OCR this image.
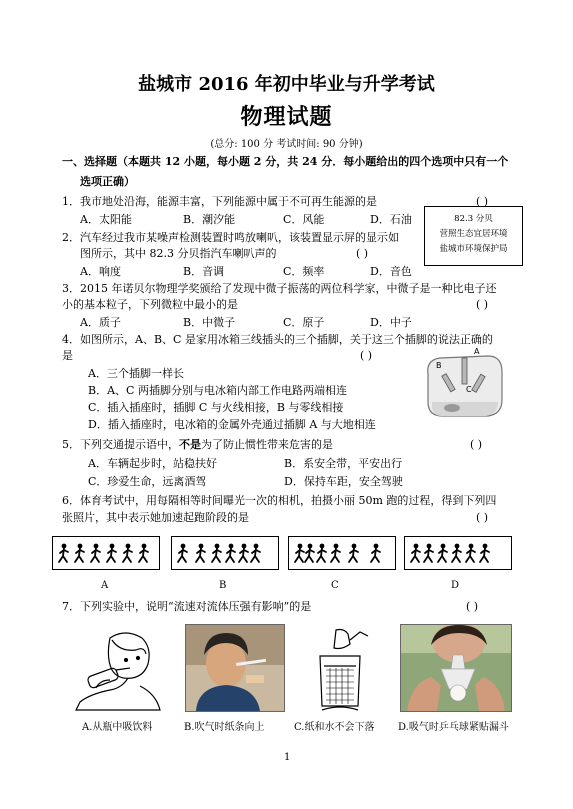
盐城市 2016 年初中毕业与升学考试
物理试题
(总分: 100 分 考试时间: 90 分钟)
一、选择题（本题共 12 小题，每小题 2 分，共 24 分．每小题给出的四个选项中只有一个
选项正确）
1．我市地处沿海，能源丰富，下列能源中属于不可再生能源的是	( )
A．太阳能	B．潮汐能	C．风能	D．石油	82.3 分贝
营照生态宜居环境
盐城市环境保护局
2．汽车经过我市某噪声检测装置时鸣放喇叭，该装置显示屏的显示如
图所示，其中 82.3 分贝指汽车喇叭声的	( )
A．响度	B．音调	C．频率	D．音色
3．2015 年诺贝尔物理学奖颁给了发现中微子振荡的两位科学家，中微子是一种比电子还
小的基本粒子，下列微粒中最小的是	( )
A．质子	B．中微子	C．原子	D．中子
4．如图所示，A、B、C 是家用冰箱三线插头的三个插脚，关于这三个插脚的说法正确的
是	( )
A．三个插脚一样长
B．A、C 两插脚分别与电冰箱内部工作电路两端相连
C．插入插座时，插脚 C 与火线相接，B 与零线相接
D．插入插座时，电冰箱的金属外壳通过插脚 A 与大地相连
A
B
C
5．下列交通提示语中，不是为了防止惯性带来危害的是	( )
A．车辆起步时，站稳扶好	B．系安全带，平安出行
C．珍爱生命，远离酒驾	D．保持车距，安全驾驶
6．体育考试中，用每隔相等时间曝光一次的相机，拍摄小丽 50m 跑的过程，得到下列四
张照片，其中表示她加速起跑阶段的是	( )
A	B	C	D
7．下列实验中，说明“流速对流体压强有影响”的是	( )
A.从瓶中吸饮料	B.吹气时纸条向上	C.纸和水不会下落 D.吸气时乒乓球紧贴漏斗
1
